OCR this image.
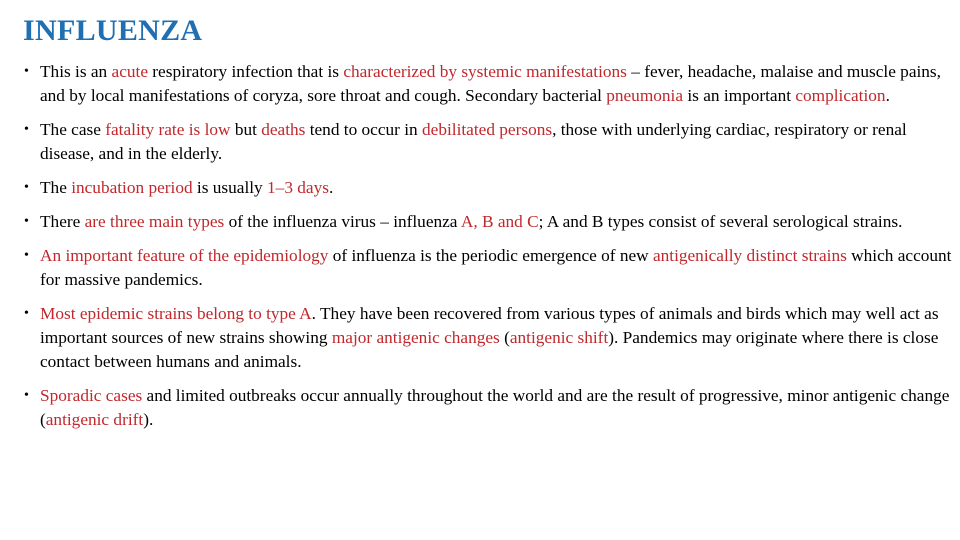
INFLUENZA
• This is an acute respiratory infection that is characterized by systemic manifestations – fever, headache, malaise and muscle pains, and by local manifestations of coryza, sore throat and cough. Secondary bacterial pneumonia is an important complication.
• The case fatality rate is low but deaths tend to occur in debilitated persons, those with underlying cardiac, respiratory or renal disease, and in the elderly.
• The incubation period is usually 1–3 days.
• There are three main types of the influenza virus – influenza A, B and C; A and B types consist of several serological strains.
• An important feature of the epidemiology of influenza is the periodic emergence of new antigenically distinct strains which account for massive pandemics.
• Most epidemic strains belong to type A. They have been recovered from various types of animals and birds which may well act as important sources of new strains showing major antigenic changes (antigenic shift). Pandemics may originate where there is close contact between humans and animals.
• Sporadic cases and limited outbreaks occur annually throughout the world and are the result of progressive, minor antigenic change (antigenic drift).
